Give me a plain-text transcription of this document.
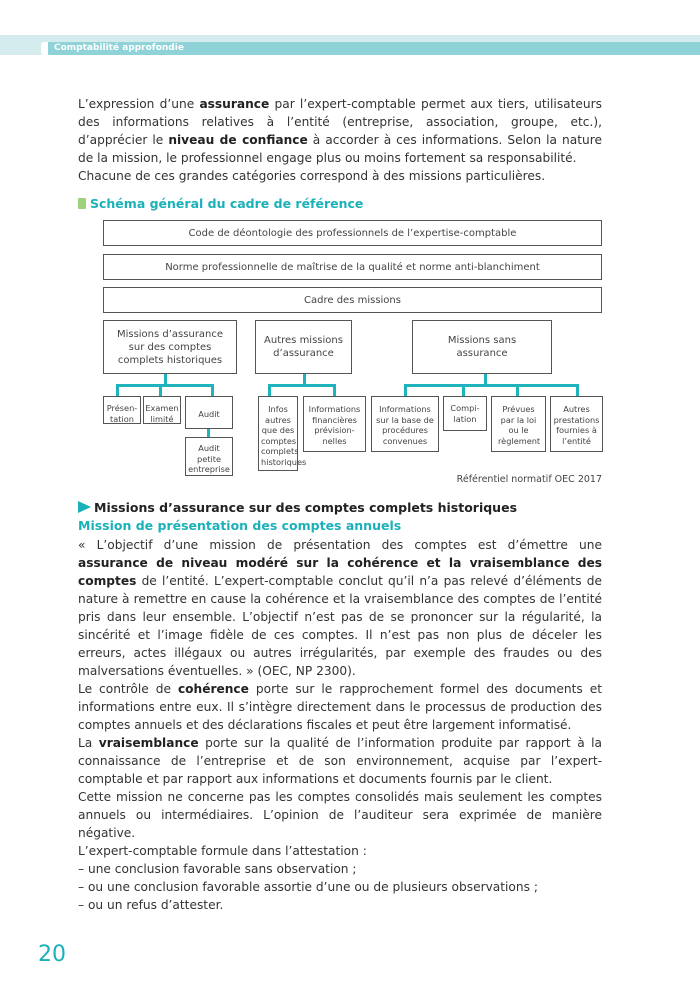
Comptabilité approfondie

L’expression d’une assurance par l’expert-comptable permet aux tiers, utilisateurs des informations relatives à l’entité (entreprise, association, groupe, etc.), d’apprécier le niveau de confiance à accorder à ces informations. Selon la nature de la mission, le professionnel engage plus ou moins fortement sa responsabilité.

Chacune de ces grandes catégories correspond à des missions particulières.

Schéma général du cadre de référence
Code de déontologie des professionnels de l’expertise-comptable
Norme professionnelle de maîtrise de la qualité et norme anti-blanchiment
Cadre des missions
Missions d’assurance sur des comptes complets historiques
Autres missions d’assurance
Missions sans assurance
Présen-tation
Examen limité	Audit
Audit petite entreprise
Infos autres que des comptes complets historiques
Informations financières prévision-nelles
Informations sur la base de procédures convenues
Compi-lation
Prévues par la loi ou le règlement
Autres prestations fournies à l’entité
Référentiel normatif OEC 2017
Missions d’assurance sur des comptes complets historiques
Mission de présentation des comptes annuels

« L’objectif d’une mission de présentation des comptes est d’émettre une assurance de niveau modéré sur la cohérence et la vraisemblance des comptes de l’entité. L’expert-comptable conclut qu’il n’a pas relevé d’éléments de nature à remettre en cause la cohérence et la vraisemblance des comptes de l’entité pris dans leur ensemble. L’objectif n’est pas de se prononcer sur la régularité, la sincérité et l’image fidèle de ces comptes. Il n’est pas non plus de déceler les erreurs, actes illégaux ou autres irrégularités, par exemple des fraudes ou des malversations éventuelles. » (OEC, NP 2300).

Le contrôle de cohérence porte sur le rapprochement formel des documents et informations entre eux. Il s’intègre directement dans le processus de production des comptes annuels et des déclarations fiscales et peut être largement informatisé.

La vraisemblance porte sur la qualité de l’information produite par rapport à la connaissance de l’entreprise et de son environnement, acquise par l’expert-comptable et par rapport aux informations et documents fournis par le client.

Cette mission ne concerne pas les comptes consolidés mais seulement les comptes annuels ou intermédiaires. L’opinion de l’auditeur sera exprimée de manière négative.

L’expert-comptable formule dans l’attestation :

– une conclusion favorable sans observation ;

– ou une conclusion favorable assortie d’une ou de plusieurs observations ;

– ou un refus d’attester.

20
